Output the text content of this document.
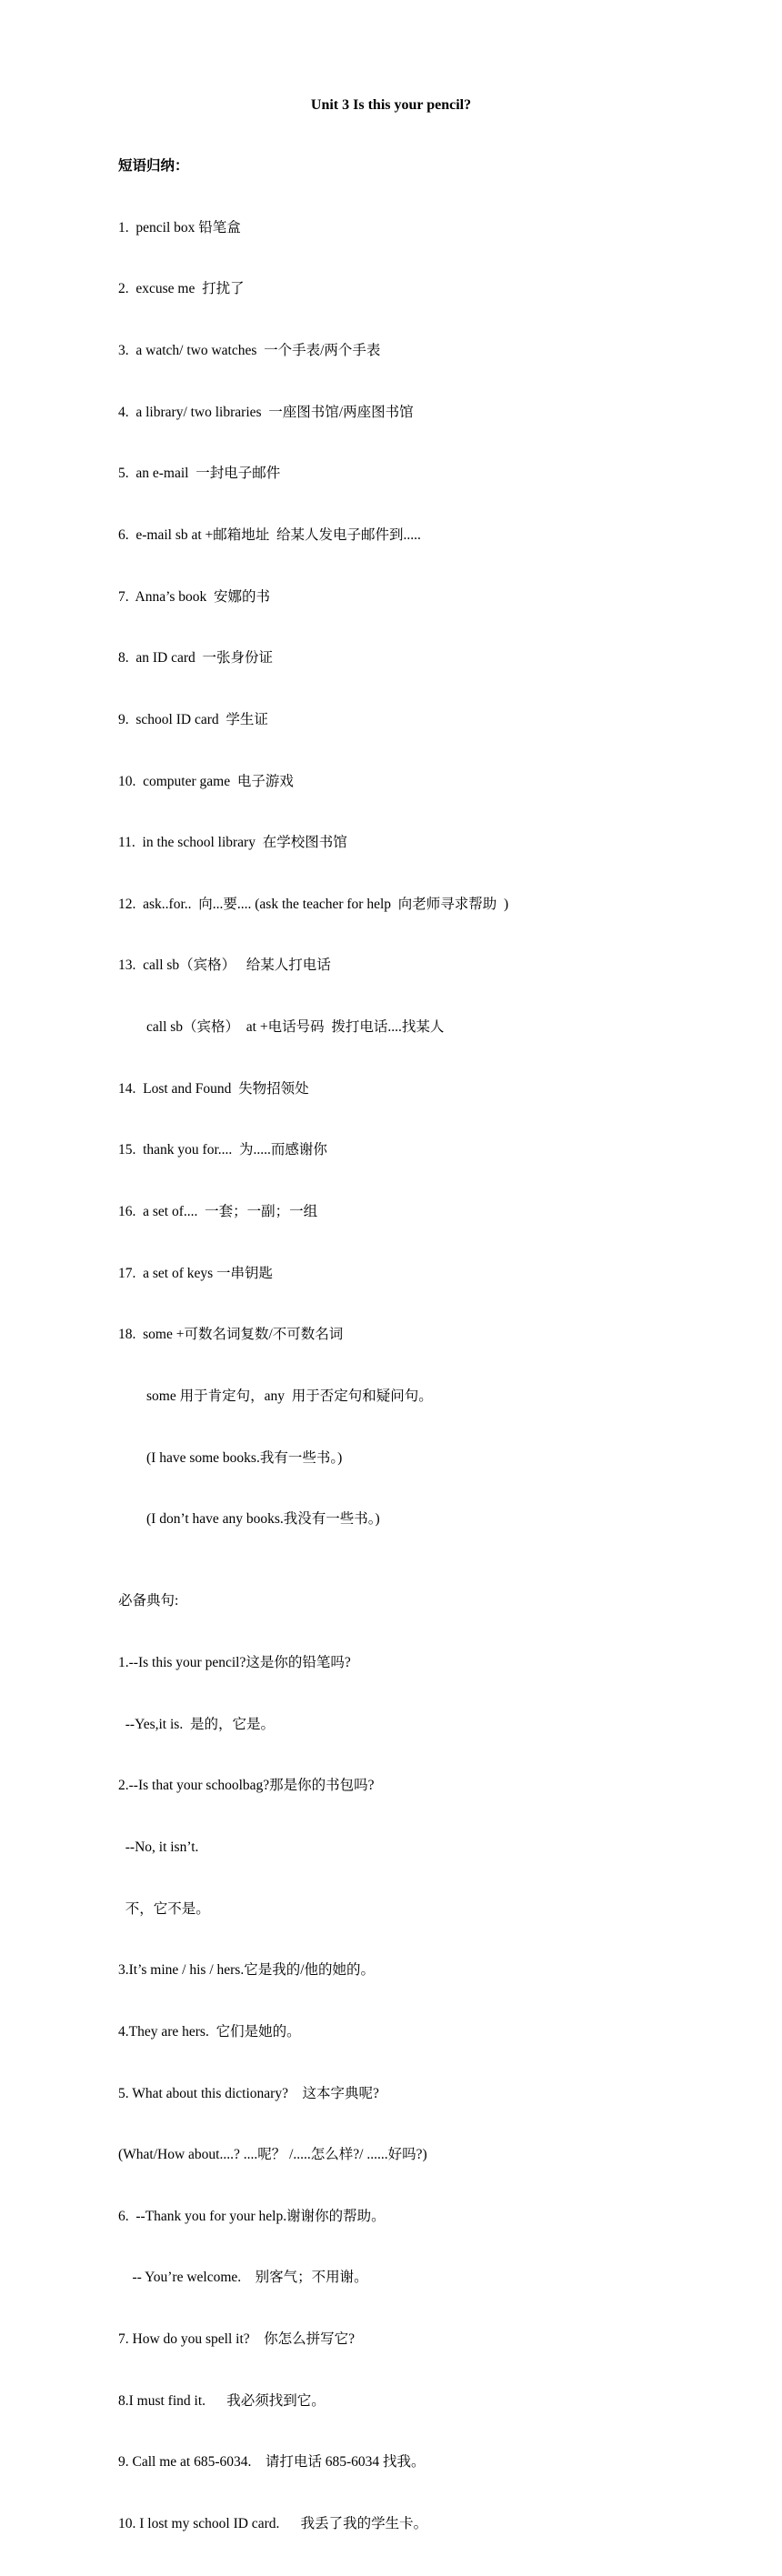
Unit 3 Is this your pencil?

短语归纳：

1.  pencil box 铅笔盒

2.  excuse me  打扰了

3.  a watch/ two watches  一个手表/两个手表

4.  a library/ two libraries  一座图书馆/两座图书馆

5.  an e-mail  一封电子邮件

6.  e-mail sb at +邮箱地址  给某人发电子邮件到.....

7.  Anna’s book  安娜的书

8.  an ID card  一张身份证

9.  school ID card  学生证

10.  computer game  电子游戏

11.  in the school library  在学校图书馆

12.  ask..for..  向...要.... (ask the teacher for help  向老师寻求帮助  )

13.  call sb（宾格）   给某人打电话

call sb（宾格）  at +电话号码  拨打电话....找某人

14.  Lost and Found  失物招领处

15.  thank you for....  为.....而感谢你

16.  a set of....  一套；一副；一组

17.  a set of keys 一串钥匙

18.  some +可数名词复数/不可数名词

some 用于肯定句，any  用于否定句和疑问句。

(I have some books.我有一些书。)

(I don’t have any books.我没有一些书。)

必备典句:

1.--Is this your pencil?这是你的铅笔吗?

--Yes,it is.  是的，它是。

2.--Is that your schoolbag?那是你的书包吗?

--No, it isn’t.

不，它不是。

3.It’s mine / his / hers.它是我的/他的她的。

4.They are hers.  它们是她的。

5. What about this dictionary?    这本字典呢?

(What/How about....? ....呢？ /.....怎么样?/ ......好吗?)

6.  --Thank you for your help.谢谢你的帮助。

-- You’re welcome.    别客气；不用谢。

7. How do you spell it?    你怎么拼写它?

8.I must find it.      我必须找到它。

9. Call me at 685-6034.    请打电话 685-6034 找我。

10. I lost my school ID card.      我丢了我的学生卡。
